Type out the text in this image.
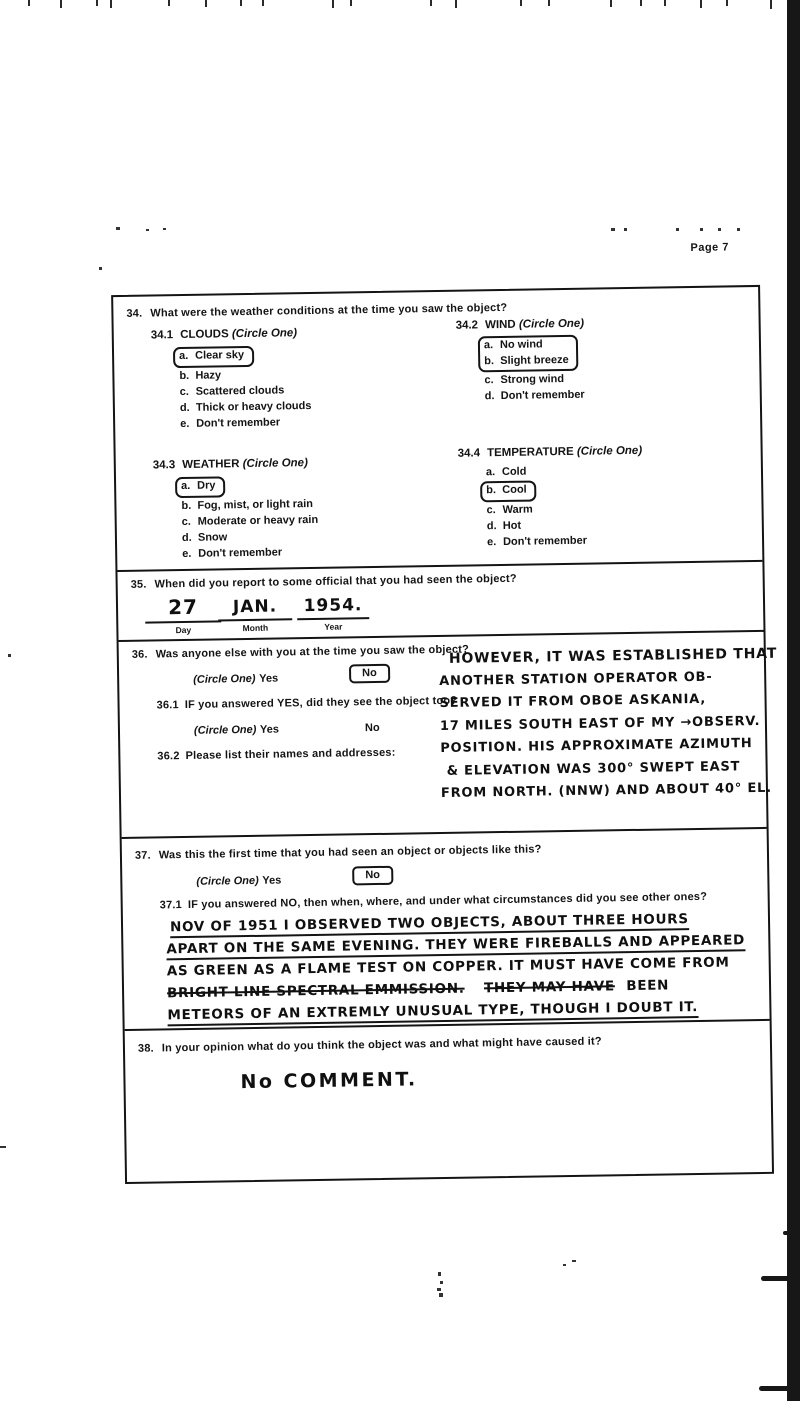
Page 7
34. What were the weather conditions at the time you saw the object?
34.1 CLOUDS (Circle One)
a. Clear sky
b. Hazy
c. Scattered clouds
d. Thick or heavy clouds
e. Don't remember
34.2 WIND (Circle One)
a. No wind
b. Slight breeze
c. Strong wind
d. Don't remember
34.3 WEATHER (Circle One)
a. Dry
b. Fog, mist, or light rain
c. Moderate or heavy rain
d. Snow
e. Don't remember
34.4 TEMPERATURE (Circle One)
a. Cold
b. Cool
c. Warm
d. Hot
e. Don't remember
35. When did you report to some official that you had seen the object?
27
Day
JAN.
Month
1954.
Year
36. Was anyone else with you at the time you saw the object?
(Circle One) Yes	No
36.1 IF you answered YES, did they see the object too?
(Circle One) Yes	No
36.2 Please list their names and addresses:
HOWEVER, IT WAS ESTABLISHED THAT
ANOTHER STATION OPERATOR OB-
SERVED IT FROM OBOE ASKANIA,
17 MILES SOUTH EAST OF MY →OBSERV.
POSITION. HIS APPROXIMATE AZIMUTH
& ELEVATION WAS 300° SWEPT EAST
FROM NORTH. (NNW) AND ABOUT 40° EL.
37. Was this the first time that you had seen an object or objects like this?
(Circle One) Yes	No
37.1 IF you answered NO, then when, where, and under what circumstances did you see other ones?
NOV OF 1951 I OBSERVED TWO OBJECTS, ABOUT THREE HOURS
APART ON THE SAME EVENING. THEY WERE FIREBALLS AND APPEARED
AS GREEN AS A FLAME TEST ON COPPER. IT MUST HAVE COME FROM
BRIGHT LINE SPECTRAL EMMISSION. THEY MAY HAVE BEEN
METEORS OF AN EXTREMLY UNUSUAL TYPE, THOUGH I DOUBT IT.
38. In your opinion what do you think the object was and what might have caused it?
No COMMENT.
